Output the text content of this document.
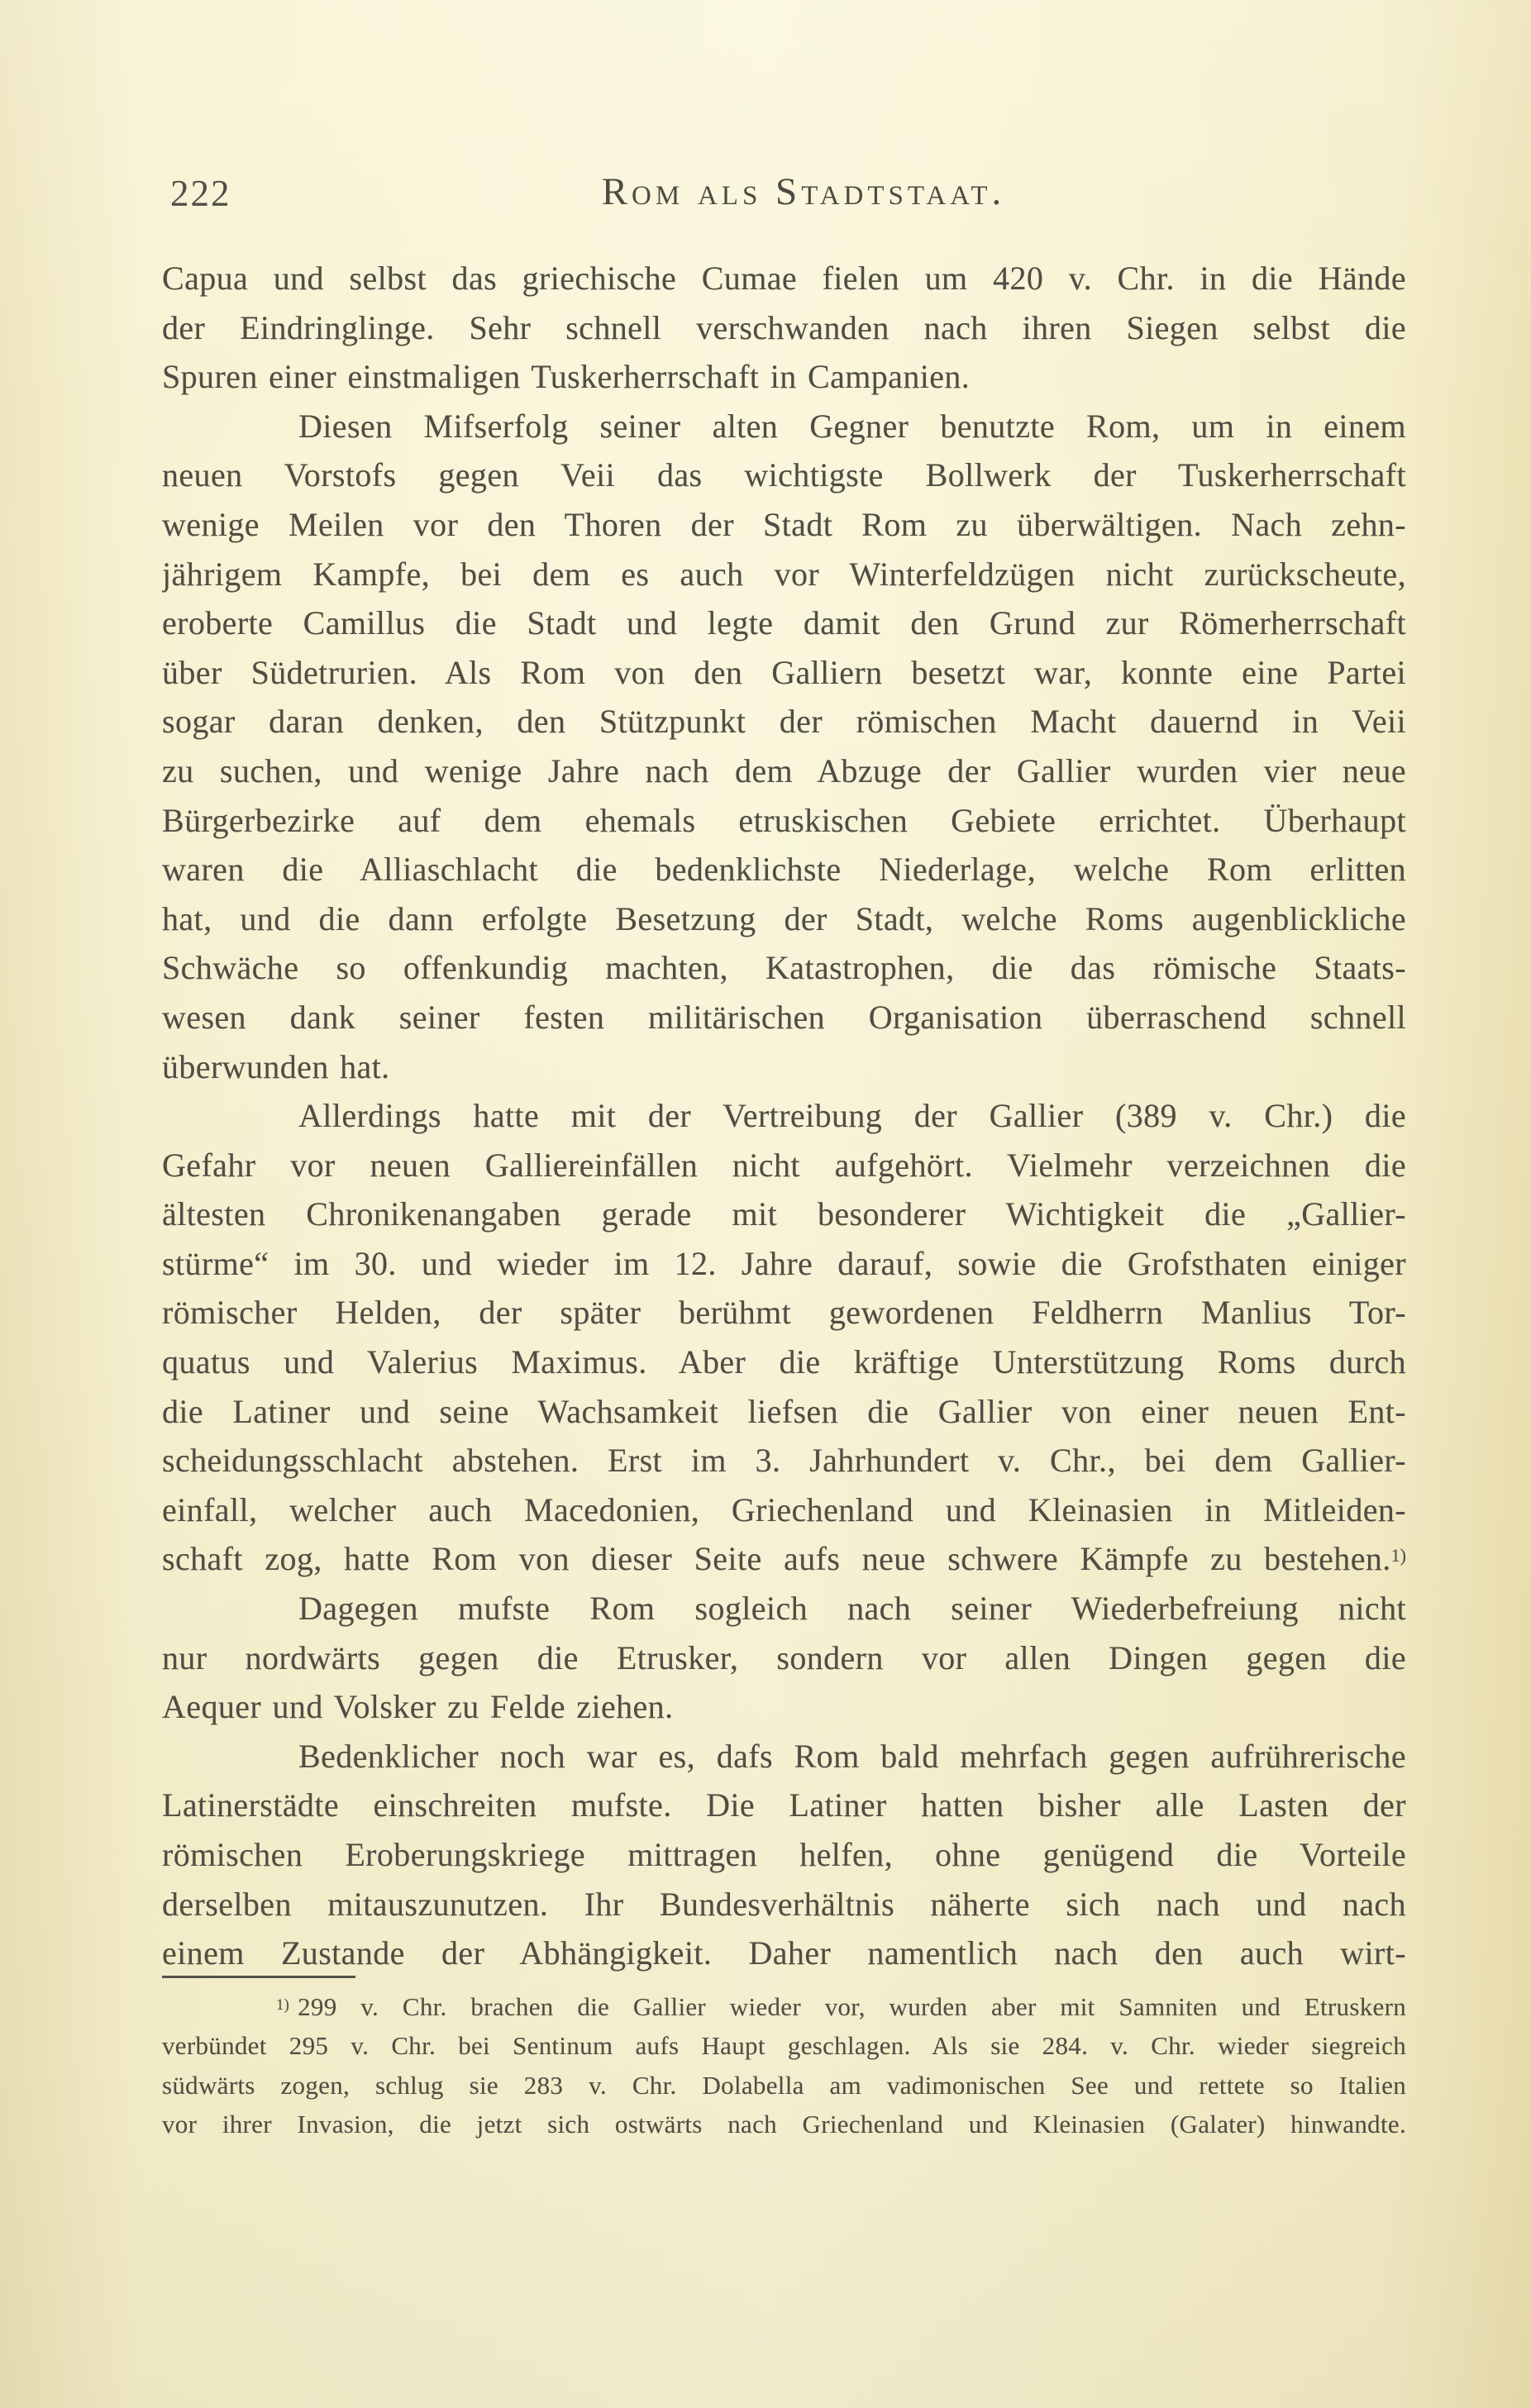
222	Rom als Stadtstaat.

Capua und selbst das griechische Cumae fielen um 420 v. Chr. in die Hände
der Eindringlinge. Sehr schnell verschwanden nach ihren Siegen selbst die
Spuren einer einstmaligen Tuskerherrschaft in Campanien.

Diesen Mifserfolg seiner alten Gegner benutzte Rom, um in einem
neuen Vorstofs gegen Veii das wichtigste Bollwerk der Tuskerherrschaft
wenige Meilen vor den Thoren der Stadt Rom zu überwältigen. Nach zehn-
jährigem Kampfe, bei dem es auch vor Winterfeldzügen nicht zurückscheute,
eroberte Camillus die Stadt und legte damit den Grund zur Römerherrschaft
über Südetrurien. Als Rom von den Galliern besetzt war, konnte eine Partei
sogar daran denken, den Stützpunkt der römischen Macht dauernd in Veii
zu suchen, und wenige Jahre nach dem Abzuge der Gallier wurden vier neue
Bürgerbezirke auf dem ehemals etruskischen Gebiete errichtet. Überhaupt
waren die Alliaschlacht die bedenklichste Niederlage, welche Rom erlitten
hat, und die dann erfolgte Besetzung der Stadt, welche Roms augenblickliche
Schwäche so offenkundig machten, Katastrophen, die das römische Staats-
wesen dank seiner festen militärischen Organisation überraschend schnell
überwunden hat.

Allerdings hatte mit der Vertreibung der Gallier (389 v. Chr.) die
Gefahr vor neuen Galliereinfällen nicht aufgehört. Vielmehr verzeichnen die
ältesten Chronikenangaben gerade mit besonderer Wichtigkeit die „Gallier-
stürme“ im 30. und wieder im 12. Jahre darauf, sowie die Grofsthaten einiger
römischer Helden, der später berühmt gewordenen Feldherrn Manlius Tor-
quatus und Valerius Maximus. Aber die kräftige Unterstützung Roms durch
die Latiner und seine Wachsamkeit liefsen die Gallier von einer neuen Ent-
scheidungsschlacht abstehen. Erst im 3. Jahrhundert v. Chr., bei dem Gallier-
einfall, welcher auch Macedonien, Griechenland und Kleinasien in Mitleiden-
schaft zog, hatte Rom von dieser Seite aufs neue schwere Kämpfe zu bestehen.$^{1)}$

Dagegen mufste Rom sogleich nach seiner Wiederbefreiung nicht
nur nordwärts gegen die Etrusker, sondern vor allen Dingen gegen die
Aequer und Volsker zu Felde ziehen.

Bedenklicher noch war es, dafs Rom bald mehrfach gegen aufrührerische
Latinerstädte einschreiten mufste. Die Latiner hatten bisher alle Lasten der
römischen Eroberungskriege mittragen helfen, ohne genügend die Vorteile
derselben mitauszunutzen. Ihr Bundesverhältnis näherte sich nach und nach
einem Zustande der Abhängigkeit. Daher namentlich nach den auch wirt-

$^{1)}$ 299 v. Chr. brachen die Gallier wieder vor, wurden aber mit Samniten und Etruskern
verbündet 295 v. Chr. bei Sentinum aufs Haupt geschlagen. Als sie 284. v. Chr. wieder siegreich
südwärts zogen, schlug sie 283 v. Chr. Dolabella am vadimonischen See und rettete so Italien
vor ihrer Invasion, die jetzt sich ostwärts nach Griechenland und Kleinasien (Galater) hinwandte.
